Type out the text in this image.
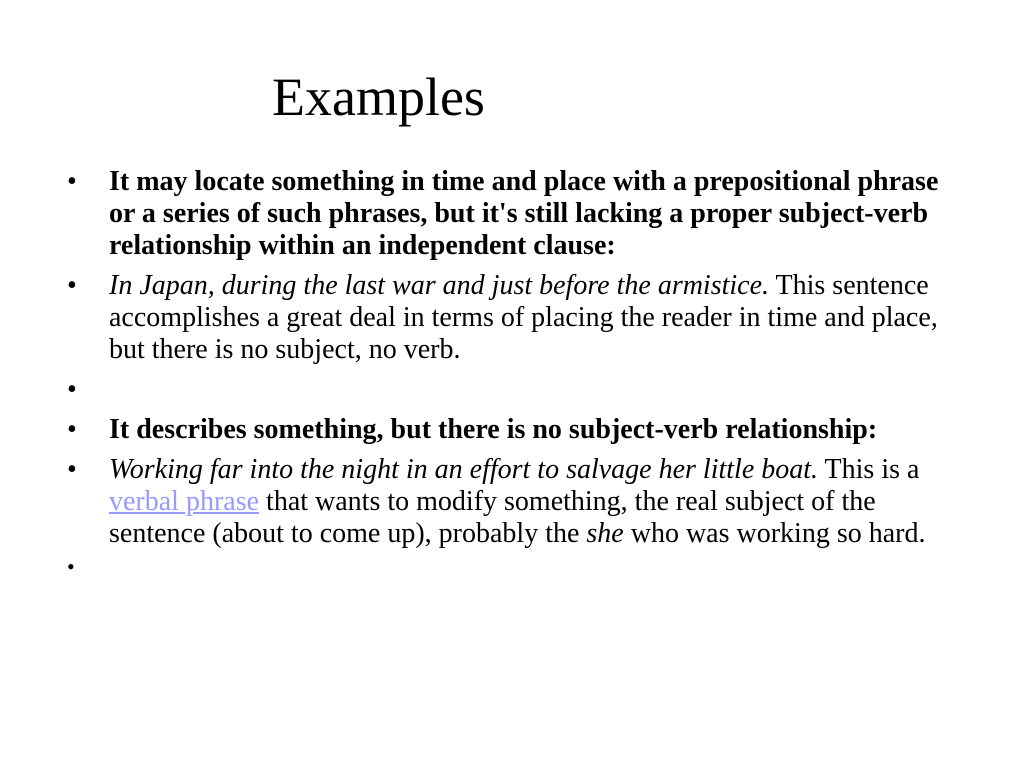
Examples
• It may locate something in time and place with a prepositional phrase or a series of such phrases, but it's still lacking a proper subject-verb relationship within an independent clause:
• In Japan, during the last war and just before the armistice. This sentence accomplishes a great deal in terms of placing the reader in time and place, but there is no subject, no verb.
•
• It describes something, but there is no subject-verb relationship:
• Working far into the night in an effort to salvage her little boat. This is a verbal phrase that wants to modify something, the real subject of the sentence (about to come up), probably the she who was working so hard.
•
